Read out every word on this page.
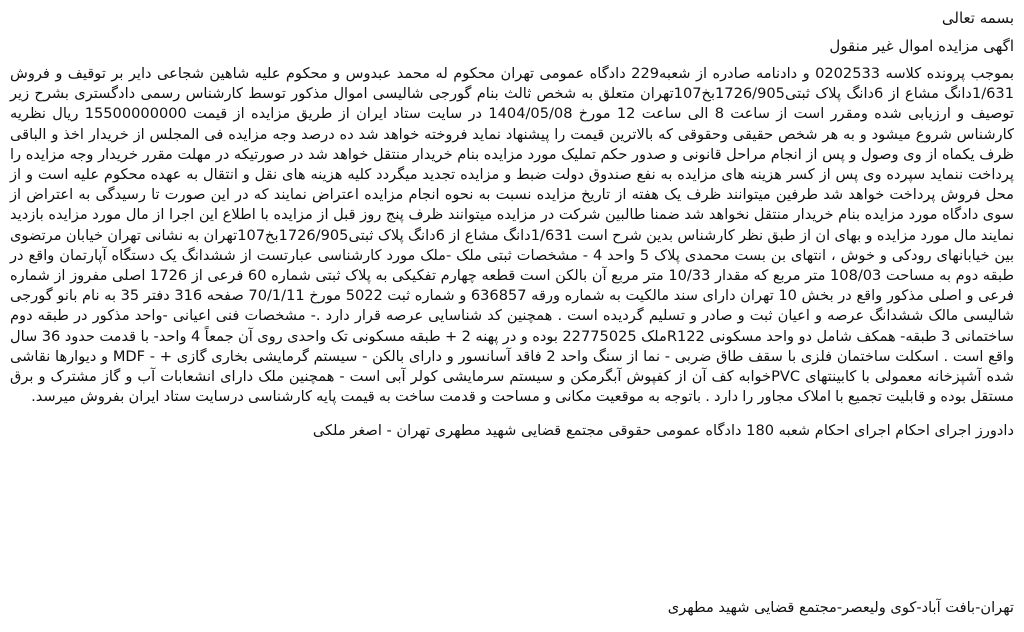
بسمه تعالی
اگهی مزایده اموال غیر منقول

بموجب پرونده کلاسه 0202533 و دادنامه صادره از شعبه229 دادگاه عمومی تهران محکوم له محمد عبدوس و محکوم علیه شاهین شجاعی دایر بر توقیف و فروش 1/631دانگ مشاع از 6دانگ پلاک ثبتی1726/905بخ107تهران متعلق به شخص ثالث بنام گورجی شالیسی اموال مذکور توسط کارشناس رسمی دادگستری بشرح زیر توصیف و ارزیابی شده ومقرر است از ساعت 8 الی ساعت 12 مورخ 1404/05/08 در سایت ستاد ایران از طریق مزایده از قیمت 15500000000 ریال نظریه کارشناس شروع میشود و به هر شخص حقیقی وحقوقی که بالاترین قیمت را پیشنهاد نماید فروخته خواهد شد ده درصد وجه مزایده فی المجلس از خریدار اخذ و الباقی ظرف یکماه از وی وصول و پس از انجام مراحل قانونی و صدور حکم تملیک مورد مزایده بنام خریدار منتقل خواهد شد در صورتیکه در مهلت مقرر خریدار وجه مزایده را پرداخت ننماید سپرده وی پس از کسر هزینه های مزایده به نفع صندوق دولت ضبط و مزایده تجدید میگردد کلیه هزینه های نقل و انتقال به عهده محکوم علیه است و از محل فروش پرداخت خواهد شد طرفین میتوانند ظرف یک هفته از تاریخ مزایده نسبت به نحوه انجام مزایده اعتراض نمایند که در این صورت تا رسیدگی به اعتراض از سوی دادگاه مورد مزایده بنام خریدار منتقل نخواهد شد ضمنا طالبین شرکت در مزایده میتوانند ظرف پنج روز قبل از مزایده با اطلاع این اجرا از مال مورد مزایده بازدید نمایند مال مورد مزایده و بهای ان از طبق نظر کارشناس بدین شرح است 1/631دانگ مشاع از 6دانگ پلاک ثبتی1726/905بخ107تهران به نشانی تهران خیابان مرتضوی بین خیابانهای رودکی و خوش ، انتهای بن بست محمدی پلاک 5 واحد 4 - مشخصات ثبتی ملک -ملک مورد کارشناسی عبارتست از ششدانگ یک دستگاه آپارتمان واقع در طبقه دوم به مساحت 108/03 متر مربع که مقدار 10/33 متر مربع آن بالکن است قطعه چهارم تفکیکی به پلاک ثبتی شماره 60 فرعی از 1726 اصلی مفروز از شماره فرعی و اصلی مذکور واقع در بخش 10 تهران دارای سند مالکیت به شماره ورقه 636857 و شماره ثبت 5022 مورخ 70/1/11 صفحه 316 دفتر 35 به نام بانو گورجی شالیسی مالک ششدانگ عرصه و اعیان ثبت و صادر و تسلیم گردیده است . همچنین کد شناسایی عرصه قرار دارد .- مشخصات فنی اعیانی -واحد مذکور در طبقه دوم ساختمانی 3 طبقه- همکف شامل دو واحد مسکونی R122ملک 22775025 بوده و در پهنه 2 + طبقه مسکونی تک واحدی روی آن جمعاً 4 واحد- با قدمت حدود 36 سال واقع است . اسکلت ساختمان فلزی با سقف طاق ضربی - نما از سنگ واحد 2 فاقد آسانسور و دارای بالکن - سیستم گرمایشی بخاری گازی + - MDF و دیوارها نقاشی شده آشپزخانه معمولی با کابینتهای PVCخوابه کف آن از کفپوش آبگرمکن و سیستم سرمایشی کولر آبی است - همچنین ملک دارای انشعابات آب و گاز مشترک و برق مستقل بوده و قابلیت تجمیع با املاک مجاور را دارد . باتوجه به موقعیت مکانی و مساحت و قدمت ساخت به قیمت پایه کارشناسی درسایت ستاد ایران بفروش میرسد.

دادورز اجرای احکام اجرای احکام شعبه 180 دادگاه عمومی حقوقی مجتمع قضایی شهید مطهری تهران - اصغر ملکی
تهران-بافت آباد-کوی ولیعصر-مجتمع قضایی شهید مطهری
